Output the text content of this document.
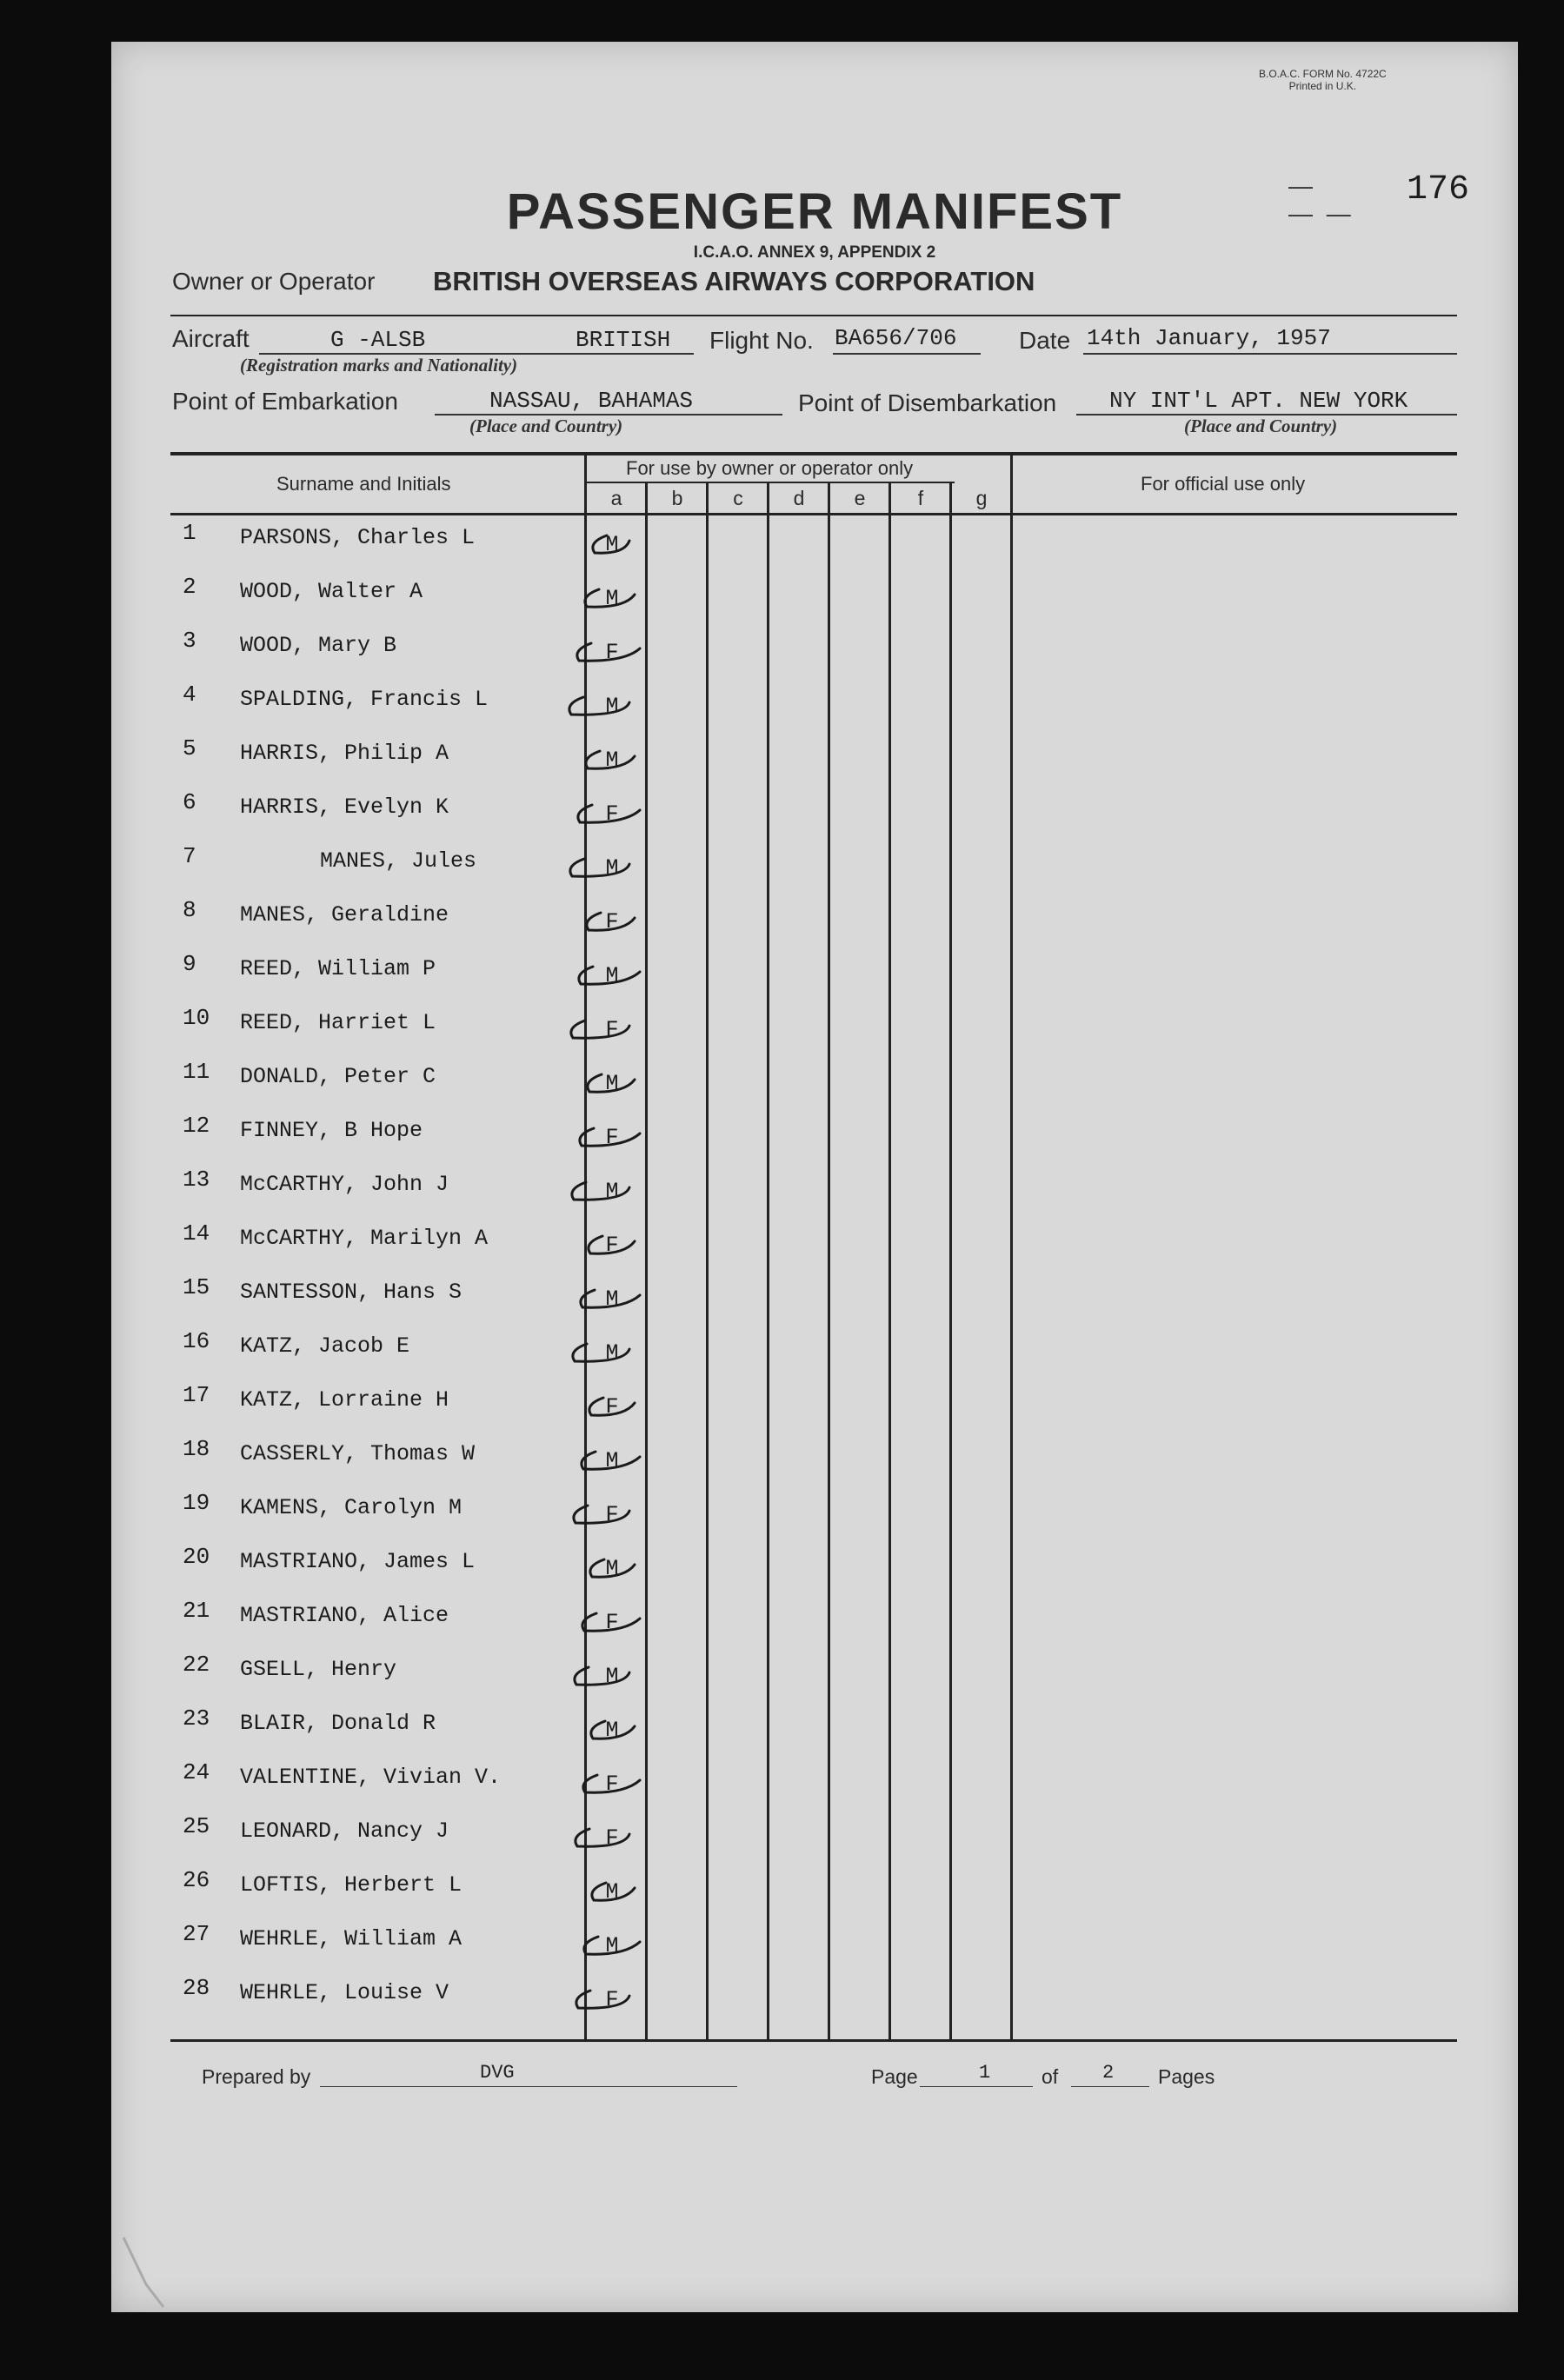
B.O.A.C. FORM No. 4722C
Printed in U.K.
—
— —
176
PASSENGER MANIFEST
I.C.A.O. ANNEX 9, APPENDIX 2
Owner or Operator BRITISH OVERSEAS AIRWAYS CORPORATION
Aircraft	G -ALSB	BRITISH
(Registration marks and Nationality)
Flight No. BA656/706	Date 14th January, 1957
Point of Embarkation	NASSAU, BAHAMAS
(Place and Country)
Point of Disembarkation NY INT'L APT. NEW YORK
(Place and Country)
Surname and Initials
For use by owner or operator only
For official use only
a	b	c	d	e	f	g
1 PARSONS, Charles L	M
2 WOOD, Walter A	M
3 WOOD, Mary B	F
4 SPALDING, Francis L	M
5 HARRIS, Philip A	M
6 HARRIS, Evelyn K	F
7	MANES, Jules	M
8 MANES, Geraldine	F
9 REED, William P	M
10 REED, Harriet L	F
11 DONALD, Peter C	M
12 FINNEY, B Hope	F
13 McCARTHY, John J	M
14 McCARTHY, Marilyn A	F
15 SANTESSON, Hans S	M
16 KATZ, Jacob E	M
17 KATZ, Lorraine H	F
18 CASSERLY, Thomas W	M
19 KAMENS, Carolyn M	F
20 MASTRIANO, James L	M
21 MASTRIANO, Alice	F
22 GSELL, Henry	M
23 BLAIR, Donald R	M
24 VALENTINE, Vivian V.	F
25 LEONARD, Nancy J	F
26 LOFTIS, Herbert L	M
27 WEHRLE, William A	M
28 WEHRLE, Louise V	F
Prepared by	DVG	Page	1	of 2 Pages
